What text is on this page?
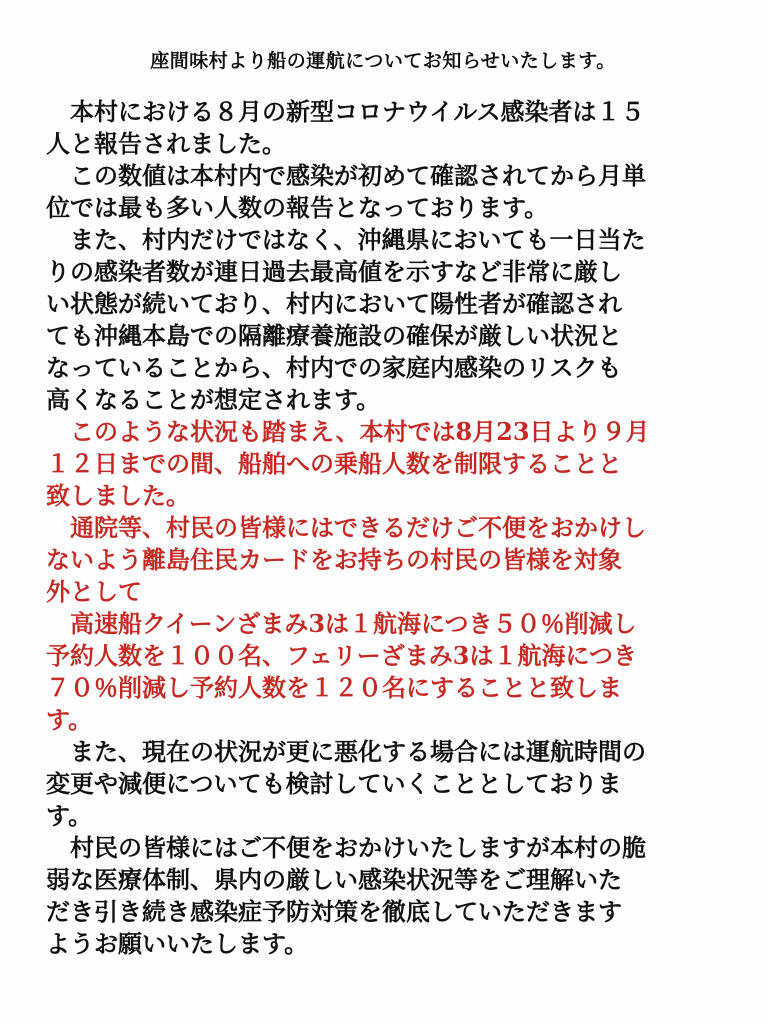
座間味村より船の運航についてお知らせいたします。
本村における８月の新型コロナウイルス感染者は１５
人と報告されました。
この数値は本村内で感染が初めて確認されてから月単
位では最も多い人数の報告となっております。
また、村内だけではなく、沖縄県においても一日当た
りの感染者数が連日過去最高値を示すなど非常に厳し
い状態が続いており、村内において陽性者が確認され
ても沖縄本島での隔離療養施設の確保が厳しい状況と
なっていることから、村内での家庭内感染のリスクも
高くなることが想定されます。
このような状況も踏まえ、本村では8月23日より９月
１２日までの間、船舶への乗船人数を制限することと
致しました。
通院等、村民の皆様にはできるだけご不便をおかけし
ないよう離島住民カードをお持ちの村民の皆様を対象
外として
高速船クイーンざまみ3は１航海につき５０％削減し
予約人数を１００名、フェリーざまみ3は１航海につき
７０％削減し予約人数を１２０名にすることと致しま
す。
また、現在の状況が更に悪化する場合には運航時間の
変更や減便についても検討していくこととしておりま
す。
村民の皆様にはご不便をおかけいたしますが本村の脆
弱な医療体制、県内の厳しい感染状況等をご理解いた
だき引き続き感染症予防対策を徹底していただきます
ようお願いいたします。
